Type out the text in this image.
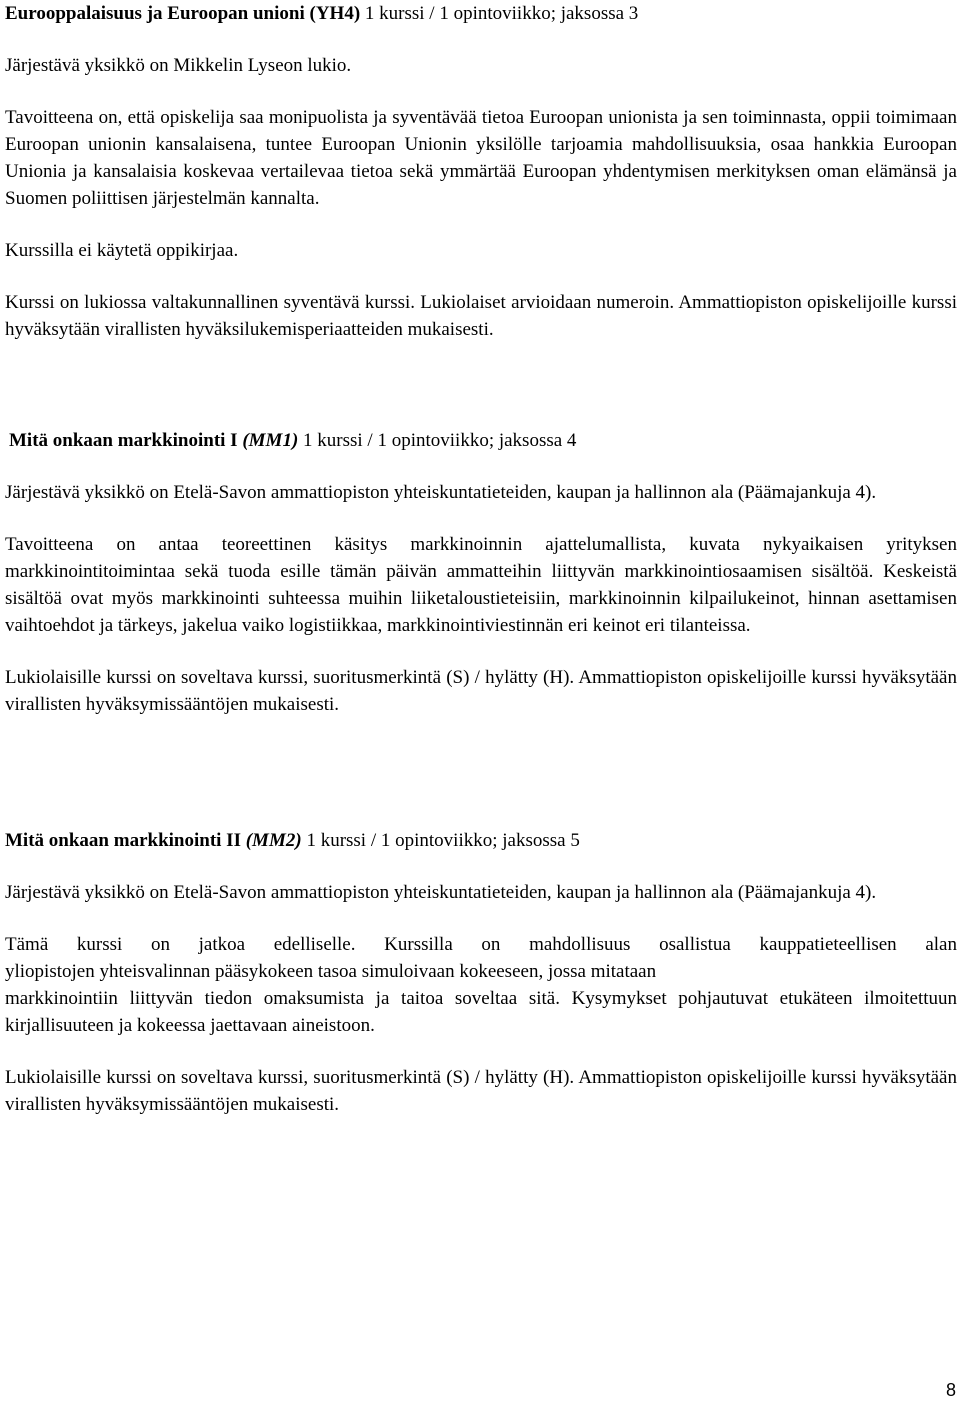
Eurooppalaisuus ja Euroopan unioni (YH4) 1 kurssi / 1 opintoviikko; jaksossa 3

Järjestävä yksikkö on Mikkelin Lyseon lukio.

Tavoitteena on, että opiskelija saa monipuolista ja syventävää tietoa Euroopan unionista ja sen toiminnasta, oppii toimimaan Euroopan unionin kansalaisena, tuntee Euroopan Unionin yksilölle tarjoamia mahdollisuuksia, osaa hankkia Euroopan Unionia ja kansalaisia koskevaa vertailevaa tietoa sekä ymmärtää Euroopan yhdentymisen merkityksen oman elämänsä ja Suomen poliittisen järjestelmän kannalta.

Kurssilla ei käytetä oppikirjaa.

Kurssi on lukiossa valtakunnallinen syventävä kurssi. Lukiolaiset arvioidaan numeroin. Ammattiopiston opiskelijoille kurssi hyväksytään virallisten hyväksilukemisperiaatteiden mukaisesti.

Mitä onkaan markkinointi I (MM1) 1 kurssi / 1 opintoviikko; jaksossa 4

Järjestävä yksikkö on Etelä-Savon ammattiopiston yhteiskuntatieteiden, kaupan ja hallinnon ala (Päämajankuja 4).

Tavoitteena on antaa teoreettinen käsitys markkinoinnin ajattelumallista, kuvata nykyaikaisen yrityksen markkinointitoimintaa sekä tuoda esille tämän päivän ammatteihin liittyvän markkinointiosaamisen sisältöä. Keskeistä sisältöä ovat myös markkinointi suhteessa muihin liiketaloustieteisiin, markkinoinnin kilpailukeinot, hinnan asettamisen vaihtoehdot ja tärkeys, jakelua vaiko logistiikkaa, markkinointiviestinnän eri keinot eri tilanteissa.

Lukiolaisille kurssi on soveltava kurssi, suoritusmerkintä (S) / hylätty (H). Ammattiopiston opiskelijoille kurssi hyväksytään virallisten hyväksymissääntöjen mukaisesti.

Mitä onkaan markkinointi II (MM2) 1 kurssi / 1 opintoviikko; jaksossa 5

Järjestävä yksikkö on Etelä-Savon ammattiopiston yhteiskuntatieteiden, kaupan ja hallinnon ala (Päämajankuja 4).

Tämä kurssi on jatkoa edelliselle. Kurssilla on mahdollisuus osallistua kauppatieteellisen alan

yliopistojen yhteisvalinnan pääsykokeen tasoa simuloivaan kokeeseen, jossa mitataan

markkinointiin liittyvän tiedon omaksumista ja taitoa soveltaa sitä. Kysymykset pohjautuvat etukäteen ilmoitettuun kirjallisuuteen ja kokeessa jaettavaan aineistoon.

Lukiolaisille kurssi on soveltava kurssi, suoritusmerkintä (S) / hylätty (H). Ammattiopiston opiskelijoille kurssi hyväksytään virallisten hyväksymissääntöjen mukaisesti.

8
